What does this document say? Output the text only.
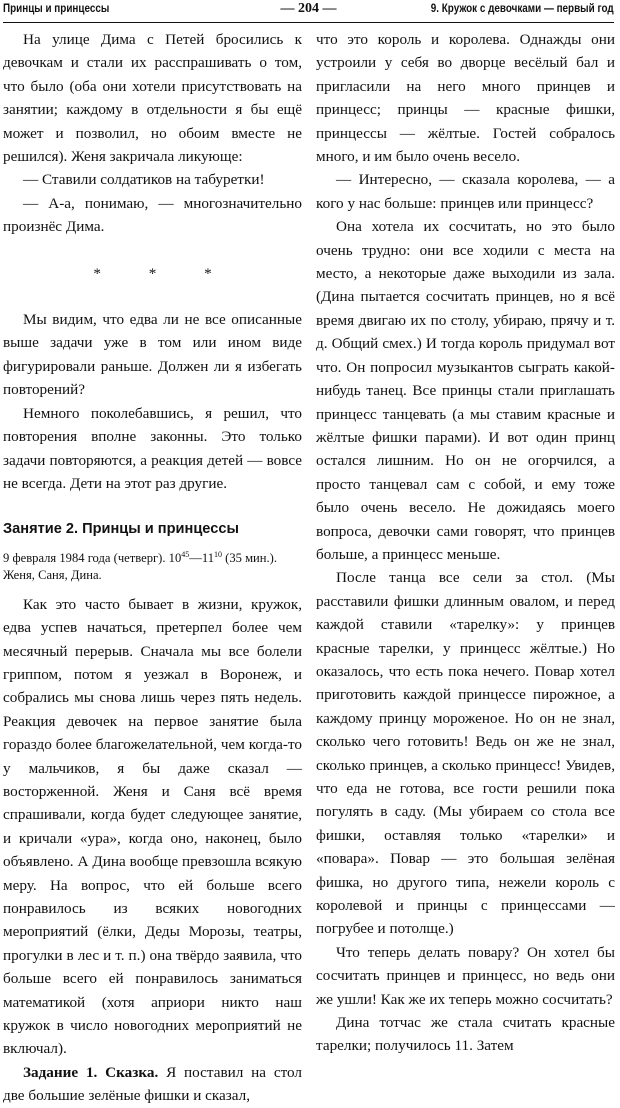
Принцы и принцессы	— 204 —	9. Кружок с девочками — первый год

На улице Дима с Петей бросились к девочкам и стали их расспрашивать о том, что было (оба они хотели присутствовать на занятии; каждому в отдельности я бы ещё может и позволил, но обоим вместе не решился). Женя закричала ликующе:

— Ставили солдатиков на табуретки!

— А-а, понимаю, — многозначительно произнёс Дима.

* * *

Мы видим, что едва ли не все описанные выше задачи уже в том или ином виде фигурировали раньше. Должен ли я избегать повторений?

Немного поколебавшись, я решил, что повторения вполне законны. Это только задачи повторяются, а реакция детей — вовсе не всегда. Дети на этот раз другие.

Занятие 2. Принцы и принцессы

9 февраля 1984 года (четверг). $10^{45}—11^{10}$ (35 мин.).

Женя, Саня, Дина.

Как это часто бывает в жизни, кружок, едва успев начаться, претерпел более чем месячный перерыв. Сначала мы все болели гриппом, потом я уезжал в Воронеж, и собрались мы снова лишь через пять недель. Реакция девочек на первое занятие была гораздо более благожелательной, чем когда-то у мальчиков, я бы даже сказал — восторженной. Женя и Саня всё время спрашивали, когда будет следующее занятие, и кричали «ура», когда оно, наконец, было объявлено. А Дина вообще превзошла всякую меру. На вопрос, что ей больше всего понравилось из всяких новогодних мероприятий (ёлки, Деды Морозы, театры, прогулки в лес и т. п.) она твёрдо заявила, что больше всего ей понравилось заниматься математикой (хотя априори никто наш кружок в число новогодних мероприятий не включал).

Задание 1. Сказка. Я поставил на стол две большие зелёные фишки и сказал,

что это король и королева. Однажды они устроили у себя во дворце весёлый бал и пригласили на него много принцев и принцесс; принцы — красные фишки, принцессы — жёлтые. Гостей собралось много, и им было очень весело.

— Интересно, — сказала королева, — а кого у нас больше: принцев или принцесс?

Она хотела их сосчитать, но это было очень трудно: они все ходили с места на место, а некоторые даже выходили из зала. (Дина пытается сосчитать принцев, но я всё время двигаю их по столу, убираю, прячу и т. д. Общий смех.) И тогда король придумал вот что. Он попросил музыкантов сыграть какой-нибудь танец. Все принцы стали приглашать принцесс танцевать (а мы ставим красные и жёлтые фишки парами). И вот один принц остался лишним. Но он не огорчился, а просто танцевал сам с собой, и ему тоже было очень весело. Не дожидаясь моего вопроса, девочки сами говорят, что принцев больше, а принцесс меньше.

После танца все сели за стол. (Мы расставили фишки длинным овалом, и перед каждой ставили «тарелку»: у принцев красные тарелки, у принцесс жёлтые.) Но оказалось, что есть пока нечего. Повар хотел приготовить каждой принцессе пирожное, а каждому принцу мороженое. Но он не знал, сколько чего готовить! Ведь он же не знал, сколько принцев, а сколько принцесс! Увидев, что еда не готова, все гости решили пока погулять в саду. (Мы убираем со стола все фишки, оставляя только «тарелки» и «повара». Повар — это большая зелёная фишка, но другого типа, нежели король с королевой и принцы с принцессами — погрубее и потолще.)

Что теперь делать повару? Он хотел бы сосчитать принцев и принцесс, но ведь они же ушли! Как же их теперь можно сосчитать?

Дина тотчас же стала считать красные тарелки; получилось 11. Затем
